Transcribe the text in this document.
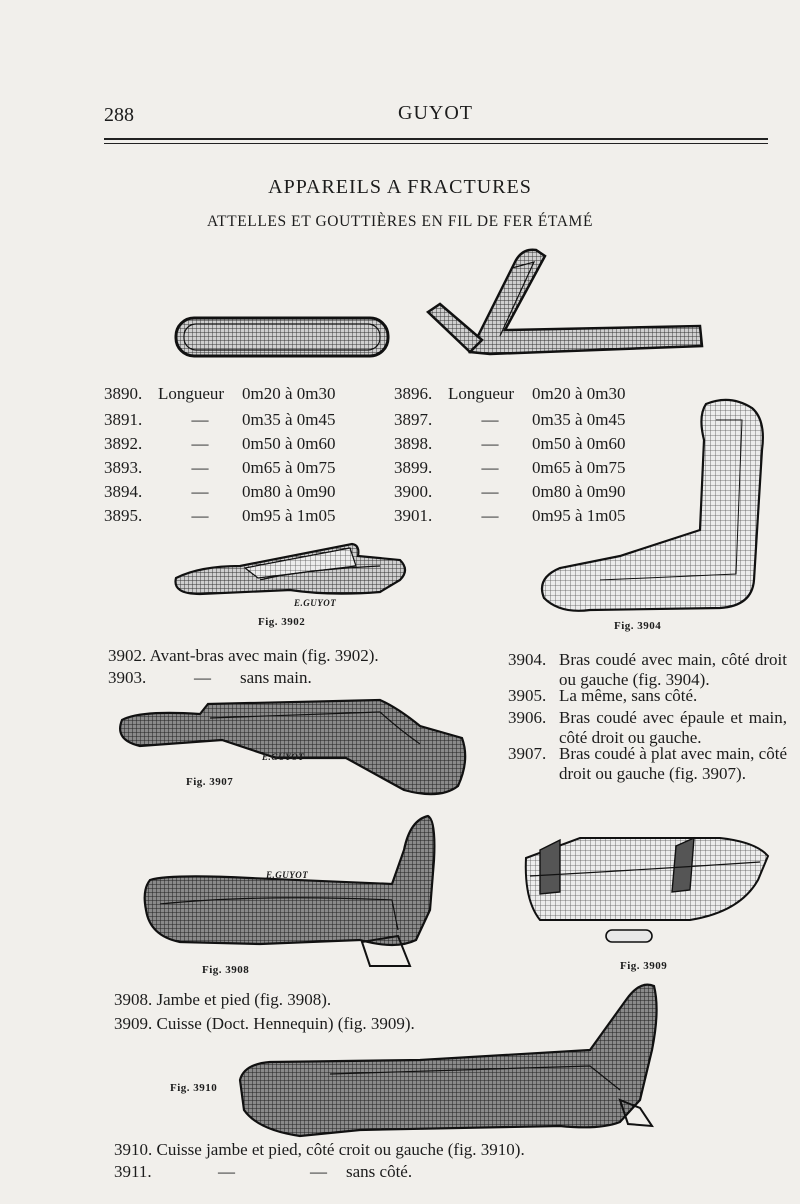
288	GUYOT
APPAREILS A FRACTURES
ATTELLES ET GOUTTIÈRES EN FIL DE FER ÉTAMÉ
3890. Longueur 0m20 à 0m30
3891.	— 0m35 à 0m45
3892.	— 0m50 à 0m60
3893.	— 0m65 à 0m75
3894.	— 0m80 à 0m90
3895.	— 0m95 à 1m05
3896. Longueur 0m20 à 0m30
3897.	— 0m35 à 0m45
3898.	— 0m50 à 0m60
3899.	— 0m65 à 0m75
3900.	— 0m80 à 0m90
3901.	— 0m95 à 1m05
E.GUYOT
Fig. 3902	Fig. 3904
E.GUYOT
Fig. 3907
E.GUYOT
Fig. 3908	Fig. 3909
Fig. 3910
3902. Avant-bras avec main (fig. 3902).
3903.	— sans main.
3904. Bras coudé avec main, côté droit ou gauche (fig. 3904).
3905. La même, sans côté.
3906. Bras coudé avec épaule et main, côté droit ou gauche.
3907. Bras coudé à plat avec main, côté droit ou gauche (fig. 3907).
3908. Jambe et pied (fig. 3908).
3909. Cuisse (Doct. Hennequin) (fig. 3909).
3910. Cuisse jambe et pied, côté croit ou gauche (fig. 3910).
3911.	—	— sans côté.
